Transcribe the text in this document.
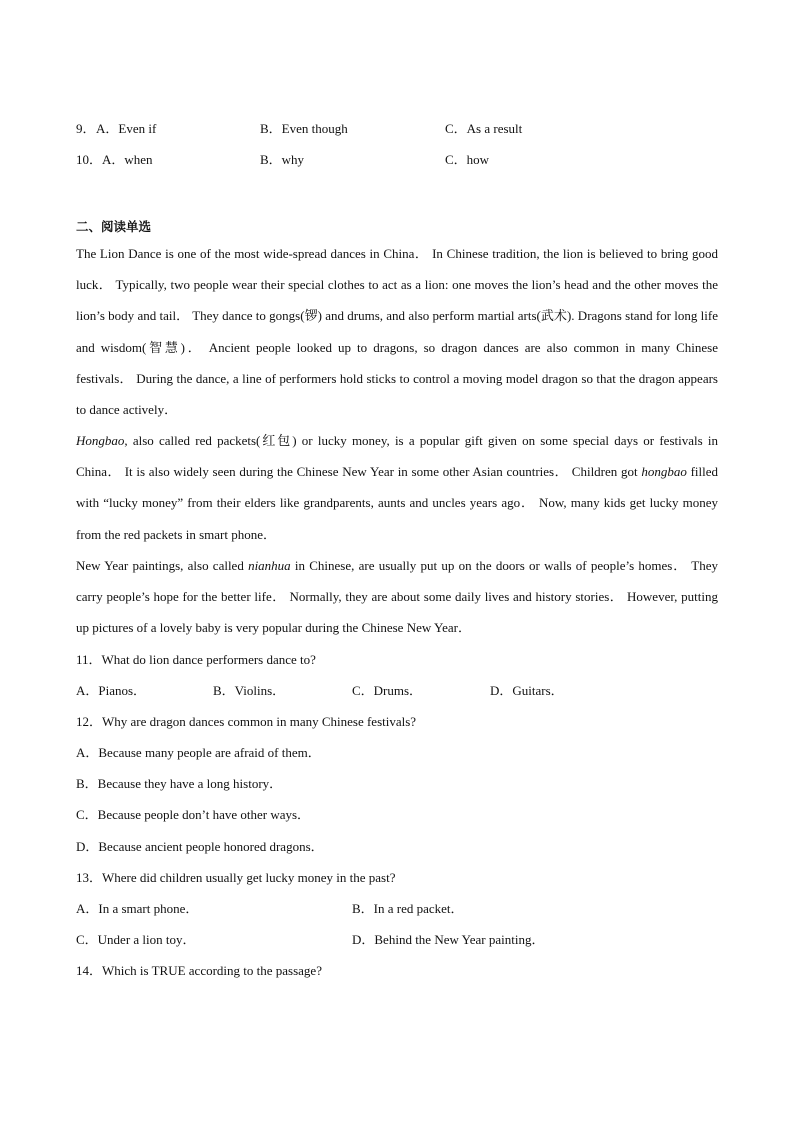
9． A．Even if	B．Even though	C．As a result
10． A．when	B．why	C．how
二、阅读单选

The Lion Dance is one of the most wide-spread dances in China． In Chinese tradition, the lion is believed to bring good luck． Typically, two people wear their special clothes to act as a lion: one moves the lion’s head and the other moves the lion’s body and tail． They dance to gongs(锣) and drums, and also perform martial arts(武术). Dragons stand for long life and wisdom(智慧)． Ancient people looked up to dragons, so dragon dances are also common in many Chinese festivals． During the dance, a line of performers hold sticks to control a moving model dragon so that the dragon appears to dance actively．

Hongbao, also called red packets(红包) or lucky money, is a popular gift given on some special days or festivals in China． It is also widely seen during the Chinese New Year in some other Asian countries． Children got hongbao filled with “lucky money” from their elders like grandparents, aunts and uncles years ago． Now, many kids get lucky money from the red packets in smart phone．

New Year paintings, also called nianhua in Chinese, are usually put up on the doors or walls of people’s homes． They carry people’s hope for the better life． Normally, they are about some daily lives and history stories． However, putting up pictures of a lovely baby is very popular during the Chinese New Year．

11．What do lion dance performers dance to?
A．Pianos．	B．Violins．	C．Drums．	D．Guitars．
12．Why are dragon dances common in many Chinese festivals?
A．Because many people are afraid of them．
B．Because they have a long history．
C．Because people don’t have other ways．
D．Because ancient people honored dragons．
13．Where did children usually get lucky money in the past?
A．In a smart phone．	B．In a red packet．
C．Under a lion toy．	D．Behind the New Year painting．
14．Which is TRUE according to the passage?
